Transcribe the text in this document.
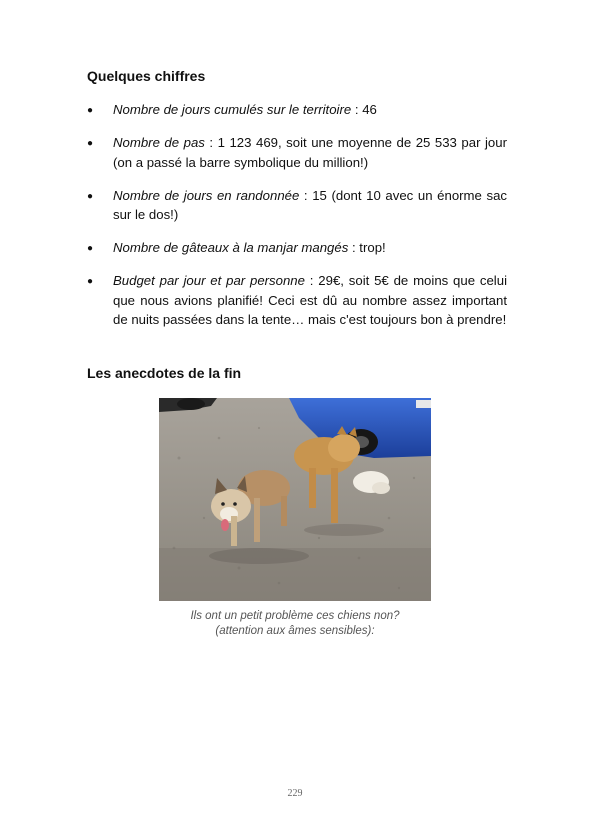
Quelques chiffres
● Nombre de jours cumulés sur le territoire : 46
● Nombre de pas : 1 123 469, soit une moyenne de 25 533 par jour (on a passé la barre symbolique du million!)
● Nombre de jours en randonnée : 15 (dont 10 avec un énorme sac sur le dos!)
● Nombre de gâteaux à la manjar mangés : trop!
● Budget par jour et par personne : 29€, soit 5€ de moins que celui que nous avions planifié! Ceci est dû au nombre assez important de nuits passées dans la tente… mais c'est toujours bon à prendre!
Les anecdotes de la fin
Ils ont un petit problème ces chiens non?
(attention aux âmes sensibles):
229
